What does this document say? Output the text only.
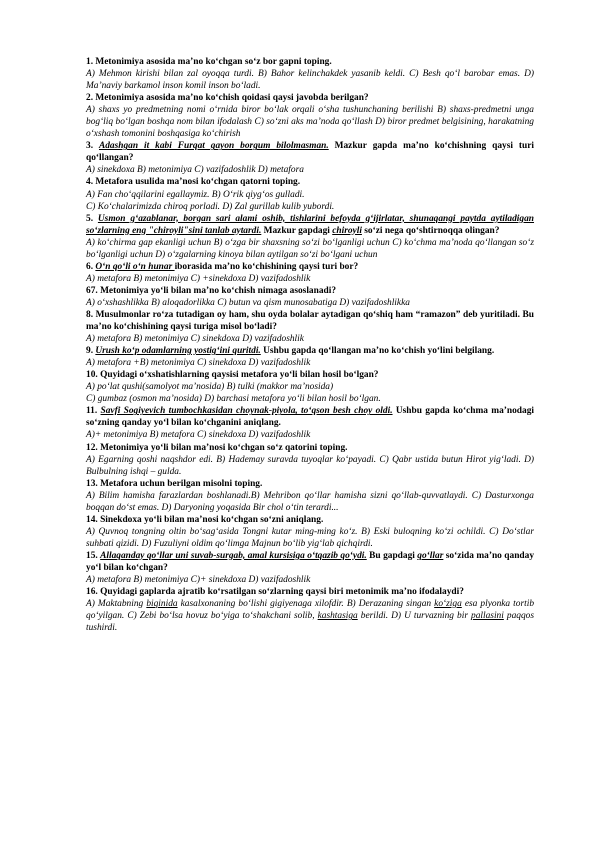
1. Metonimiya asosida ma’no ko‘chgan so‘z bor gapni toping.

A) Mehmon kirishi bilan zal oyoqqa turdi. B) Bahor kelinchakdek yasanib keldi. C) Besh qo‘l barobar emas. D) Ma’naviy barkamol inson komil inson bo‘ladi.

2. Metonimiya asosida ma’no ko‘chish qoidasi qaysi javobda berilgan?

A) shaxs yo predmetning nomi o‘rnida biror bo‘lak orqali o‘sha tushunchaning berilishi B) shaxs-predmetni unga bog‘liq bo‘lgan boshqa nom bilan ifodalash C) so‘zni aks ma’noda qo‘llash D) biror predmet belgisining, harakatning o‘xshash tomonini boshqasiga ko‘chirish

3. Adashgan it kabi Furqat gayon borgum bilolmasman. Mazkur gapda ma’no ko‘chishning qaysi turi qo‘llangan?

A) sinekdoxa B) metonimiya C) vazifadoshlik D) metafora

4. Metafora usulida ma’nosi ko‘chgan qatorni toping.

A) Fan cho‘qqilarini egallaymiz. B) O‘rik qiyg‘os gulladi.

C) Ko‘chalarimizda chiroq porladi. D) Zal gurillab kulib yubordi.

5. Usmon g‘azablanar, borgan sari alami oshib, tishlarini befoyda g‘ijirlatar, shunaqangi paytda aytiladigan so‘zlarning eng "chiroyli"sini tanlab aytardi. Mazkur gapdagi chiroyli so‘zi nega qo‘shtirnoqqa olingan?

A) ko‘chirma gap ekanligi uchun B) o‘zga bir shaxsning so‘zi bo‘lganligi uchun C) ko‘chma ma’noda qo‘llangan so‘z bo‘lganligi uchun D) o‘zgalarning kinoya bilan aytilgan so‘zi bo‘lgani uchun

6. O‘n qo‘li o‘n hunar iborasida ma’no ko‘chishining qaysi turi bor?

A) metafora B) metonimiya C) +sinekdoxa D) vazifadoshlik

67. Metonimiya yo‘li bilan ma’no ko‘chish nimaga asoslanadi?

A) o‘xshashlikka B) aloqadorlikka C) butun va qism munosabatiga D) vazifadoshlikka

8. Musulmonlar ro‘za tutadigan oy ham, shu oyda bolalar aytadigan qo‘shiq ham “ramazon” deb yuritiladi. Bu ma’no ko‘chishining qaysi turiga misol bo‘ladi?

A) metafora B) metonimiya C) sinekdoxa D) vazifadoshlik

9. Urush ko‘p odamlarning yostig‘ini quritdi. Ushbu gapda qo‘llangan ma’no ko‘chish yo‘lini belgilang.

A) metafora +B) metonimiya C) sinekdoxa D) vazifadoshlik

10. Quyidagi o‘xshatishlarning qaysisi metafora yo‘li bilan hosil bo‘lgan?

A) po‘lat qushi(samolyot ma’nosida) B) tulki (makkor ma’nosida)

C) gumbaz (osmon ma’nosida) D) barchasi metafora yo‘li bilan hosil bo‘lgan.

11. Savfi Sogiyevich tumbochkasidan choynak-piyola, to‘qson besh choy oldi. Ushbu gapda ko‘chma ma’nodagi so‘zning qanday yo‘l bilan ko‘chganini aniqlang.

A)+ metonimiya B) metafora C) sinekdoxa D) vazifadoshlik

12. Metonimiya yo‘li bilan ma’nosi ko‘chgan so‘z qatorini toping.

A) Egarning qoshi naqshdor edi. B) Hademay suravda tuyoqlar ko‘payadi. C) Qabr ustida butun Hirot yig‘ladi. D) Bulbulning ishqi – gulda.

13. Metafora uchun berilgan misolni toping.

A) Bilim hamisha farazlardan boshlanadi.B) Mehribon qo‘llar hamisha sizni qo‘llab-quvvatlaydi. C) Dasturxonga boqqan do‘st emas. D) Daryoning yoqasida Bir chol o‘tin terardi...

14. Sinekdoxa yo‘li bilan ma’nosi ko‘chgan so‘zni aniqlang.

A) Quvnoq tongning oltin bo‘sag‘asida Tongni kutar ming-ming ko‘z. B) Eski buloqning ko‘zi ochildi. C) Do‘stlar suhbati qizidi. D) Fuzuliyni oldim qo‘limga Majnun bo‘lib yig‘lab qichqirdi.

15. Allaqanday qo‘llar uni suvab-surgab, amal kursisiga o‘tqazib qo‘ydi. Bu gapdagi qo‘llar so‘zida ma’no qanday yo‘l bilan ko‘chgan?

A) metafora B) metonimiya C)+ sinekdoxa D) vazifadoshlik

16. Quyidagi gaplarda ajratib ko‘rsatilgan so‘zlarning qaysi biri metonimik ma’no ifodalaydi?

A) Maktabning biqinida kasalxonaning bo‘lishi gigiyenaga xilofdir. B) Derazaning singan ko‘ziga esa plyonka tortib qo‘yilgan. C) Zebi bo‘lsa hovuz bo‘yiga to‘shakchani solib, kashtasiga berildi. D) U turvazning bir pallasini paqqos tushirdi.
